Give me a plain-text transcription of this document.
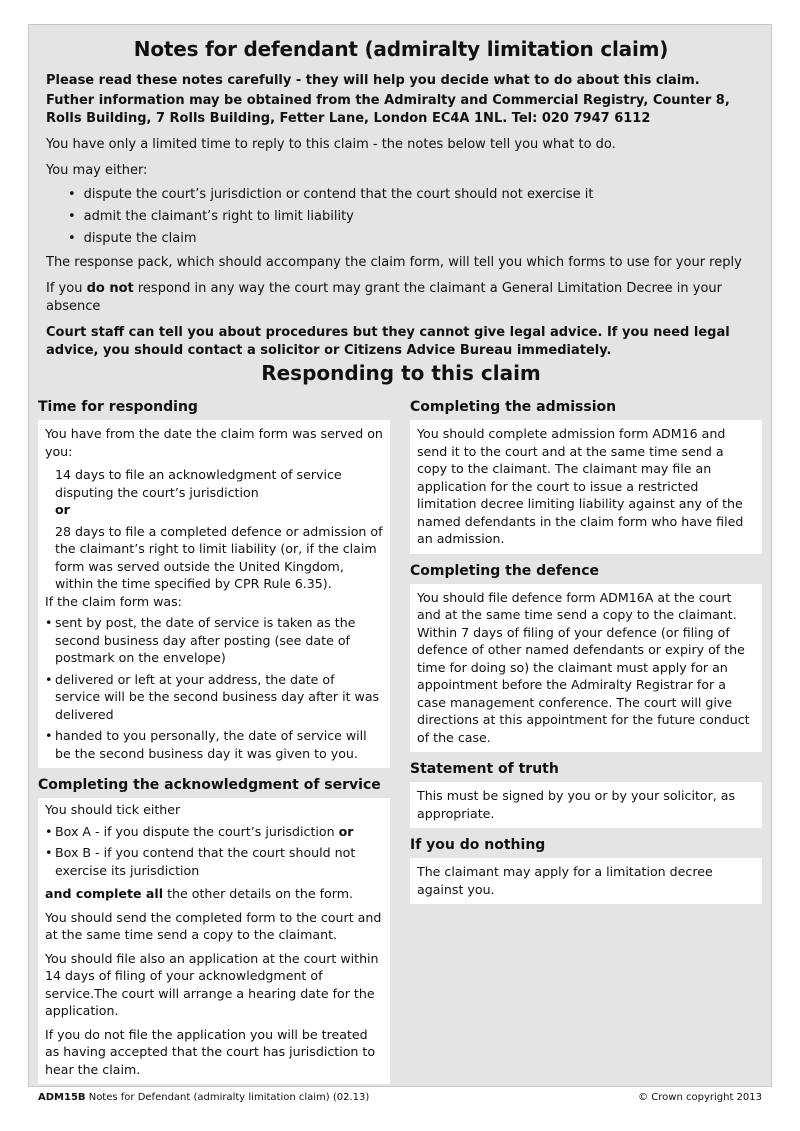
Notes for defendant (admiralty limitation claim)

Please read these notes carefully - they will help you decide what to do about this claim.

Futher information may be obtained from the Admiralty and Commercial Registry, Counter 8, Rolls Building, 7 Rolls Building, Fetter Lane, London EC4A 1NL. Tel: 020 7947 6112

You have only a limited time to reply to this claim - the notes below tell you what to do.

You may either:

• dispute the court’s jurisdiction or contend that the court should not exercise it
• admit the claimant’s right to limit liability
• dispute the claim

The response pack, which should accompany the claim form, will tell you which forms to use for your reply

If you do not respond in any way the court may grant the claimant a General Limitation Decree in your absence

Court staff can tell you about procedures but they cannot give legal advice. If you need legal advice, you should contact a solicitor or Citizens Advice Bureau immediately.

Responding to this claim
Time for responding

You have from the date the claim form was served on you:

14 days to file an acknowledgment of service disputing the court’s jurisdiction

or

28 days to file a completed defence or admission of the claimant’s right to limit liability (or, if the claim form was served outside the United Kingdom, within the time specified by CPR Rule 6.35).

If the claim form was:

• sent by post, the date of service is taken as the second business day after posting (see date of postmark on the envelope)
• delivered or left at your address, the date of service will be the second business day after it was delivered
• handed to you personally, the date of service will be the second business day it was given to you.
Completing the acknowledgment of service

You should tick either

• Box A - if you dispute the court’s jurisdiction or
• Box B - if you contend that the court should not exercise its jurisdiction

and complete all the other details on the form.

You should send the completed form to the court and at the same time send a copy to the claimant.

You should file also an application at the court within 14 days of filing of your acknowledgment of service.The court will arrange a hearing date for the application.

If you do not file the application you will be treated as having accepted that the court has jurisdiction to hear the claim.

Completing the admission

You should complete admission form ADM16 and send it to the court and at the same time send a copy to the claimant. The claimant may file an application for the court to issue a restricted limitation decree limiting liability against any of the named defendants in the claim form who have filed an admission.

Completing the defence

You should file defence form ADM16A at the court and at the same time send a copy to the claimant. Within 7 days of filing of your defence (or filing of defence of other named defendants or expiry of the time for doing so) the claimant must apply for an appointment before the Admiralty Registrar for a case management conference. The court will give directions at this appointment for the future conduct of the case.

Statement of truth

This must be signed by you or by your solicitor, as appropriate.

If you do nothing

The claimant may apply for a limitation decree against you.

ADM15B Notes for Defendant (admiralty limitation claim) (02.13)	© Crown copyright 2013
